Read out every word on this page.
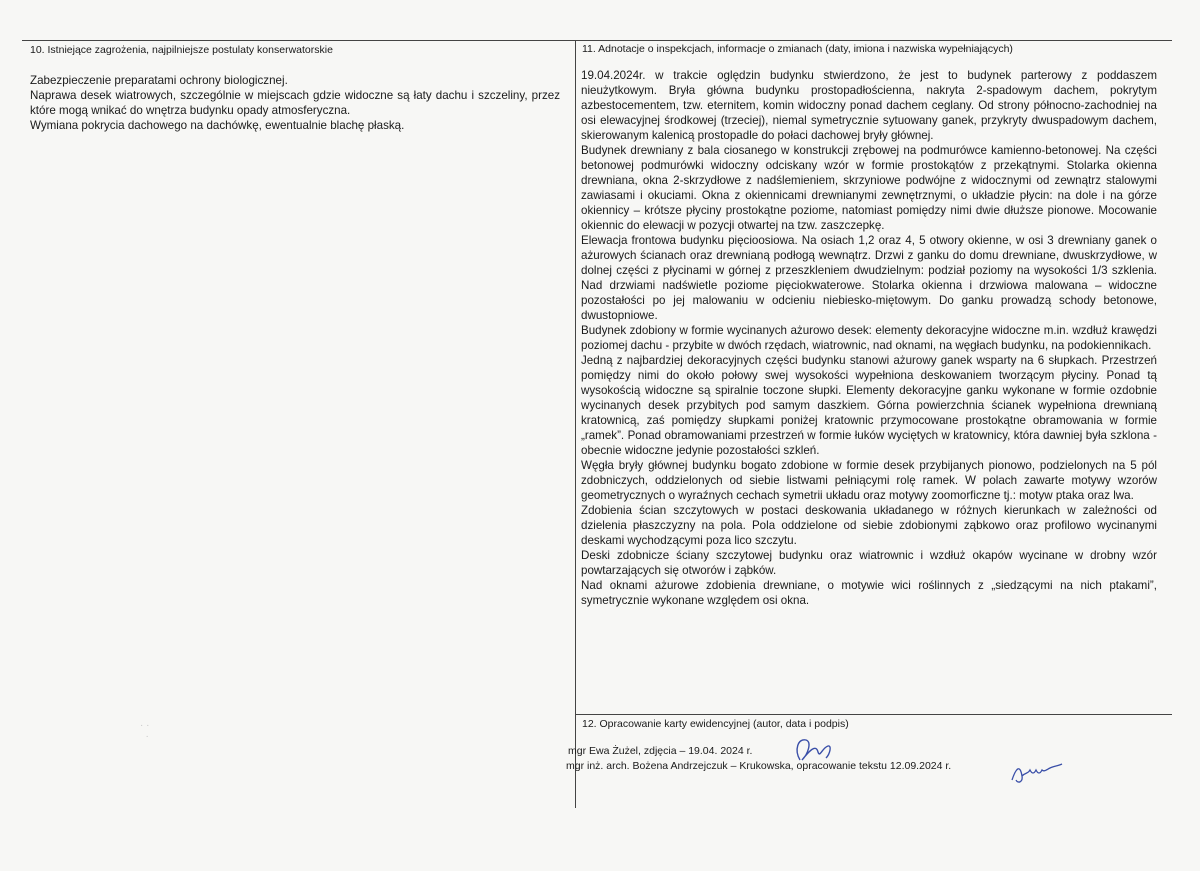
10. Istniejące zagrożenia, najpilniejsze postulaty konserwatorskie

Zabezpieczenie preparatami ochrony biologicznej.

Naprawa desek wiatrowych, szczególnie w miejscach gdzie widoczne są łaty dachu i szczeliny, przez które mogą wnikać do wnętrza budynku opady atmosferyczna.

Wymiana pokrycia dachowego na dachówkę, ewentualnie blachę płaską.

11. Adnotacje o inspekcjach, informacje o zmianach (daty, imiona i nazwiska wypełniających)

19.04.2024r. w trakcie oględzin budynku stwierdzono, że jest to budynek parterowy z poddaszem nieużytkowym. Bryła główna budynku prostopadłościenna, nakryta 2-spadowym dachem, pokrytym azbestocementem, tzw. eternitem, komin widoczny ponad dachem ceglany. Od strony północno-zachodniej na osi elewacyjnej środkowej (trzeciej), niemal symetrycznie sytuowany ganek, przykryty dwuspadowym dachem, skierowanym kalenicą prostopadle do połaci dachowej bryły głównej.

Budynek drewniany z bala ciosanego w konstrukcji zrębowej na podmurówce kamienno-betonowej. Na części betonowej podmurówki widoczny odciskany wzór w formie prostokątów z przekątnymi. Stolarka okienna drewniana, okna 2-skrzydłowe z nadślemieniem, skrzyniowe podwójne z widocznymi od zewnątrz stalowymi zawiasami i okuciami. Okna z okiennicami drewnianymi zewnętrznymi, o układzie płycin: na dole i na górze okiennicy – krótsze płyciny prostokątne poziome, natomiast pomiędzy nimi dwie dłuższe pionowe. Mocowanie okiennic do elewacji w pozycji otwartej na tzw. zaszczepkę.

Elewacja frontowa budynku pięcioosiowa. Na osiach 1,2 oraz 4, 5 otwory okienne, w osi 3 drewniany ganek o ażurowych ścianach oraz drewnianą podłogą wewnątrz. Drzwi z ganku do domu drewniane, dwuskrzydłowe, w dolnej części z płycinami w górnej z przeszkleniem dwudzielnym: podział poziomy na wysokości 1/3 szklenia. Nad drzwiami nadświetle poziome pięciokwaterowe. Stolarka okienna i drzwiowa malowana – widoczne pozostałości po jej malowaniu w odcieniu niebiesko-miętowym. Do ganku prowadzą schody betonowe, dwustopniowe.

Budynek zdobiony w formie wycinanych ażurowo desek: elementy dekoracyjne widoczne m.in. wzdłuż krawędzi poziomej dachu - przybite w dwóch rzędach, wiatrownic, nad oknami, na węgłach budynku, na podokiennikach.

Jedną z najbardziej dekoracyjnych części budynku stanowi ażurowy ganek wsparty na 6 słupkach. Przestrzeń pomiędzy nimi do około połowy swej wysokości wypełniona deskowaniem tworzącym płyciny. Ponad tą wysokością widoczne są spiralnie toczone słupki. Elementy dekoracyjne ganku wykonane w formie ozdobnie wycinanych desek przybitych pod samym daszkiem. Górna powierzchnia ścianek wypełniona drewnianą kratownicą, zaś pomiędzy słupkami poniżej kratownic przymocowane prostokątne obramowania w formie „ramek”. Ponad obramowaniami przestrzeń w formie łuków wyciętych w kratownicy, która dawniej była szklona - obecnie widoczne jedynie pozostałości szkleń.

Węgła bryły głównej budynku bogato zdobione w formie desek przybijanych pionowo, podzielonych na 5 pól zdobniczych, oddzielonych od siebie listwami pełniącymi rolę ramek. W polach zawarte motywy wzorów geometrycznych o wyraźnych cechach symetrii układu oraz motywy zoomorficzne tj.: motyw ptaka oraz lwa.

Zdobienia ścian szczytowych w postaci deskowania układanego w różnych kierunkach w zależności od dzielenia płaszczyzny na pola. Pola oddzielone od siebie zdobionymi ząbkowo oraz profilowo wycinanymi deskami wychodzącymi poza lico szczytu.

Deski zdobnicze ściany szczytowej budynku oraz wiatrownic i wzdłuż okapów wycinane w drobny wzór powtarzających się otworów i ząbków.

Nad oknami ażurowe zdobienia drewniane, o motywie wici roślinnych z „siedzącymi na nich ptakami”, symetrycznie wykonane względem osi okna.

12. Opracowanie karty ewidencyjnej (autor, data i podpis)
mgr Ewa Żużel, zdjęcia – 19.04. 2024 r.
mgr inż. arch. Bożena Andrzejczuk – Krukowska, opracowanie tekstu 12.09.2024 r.
· ·
·
